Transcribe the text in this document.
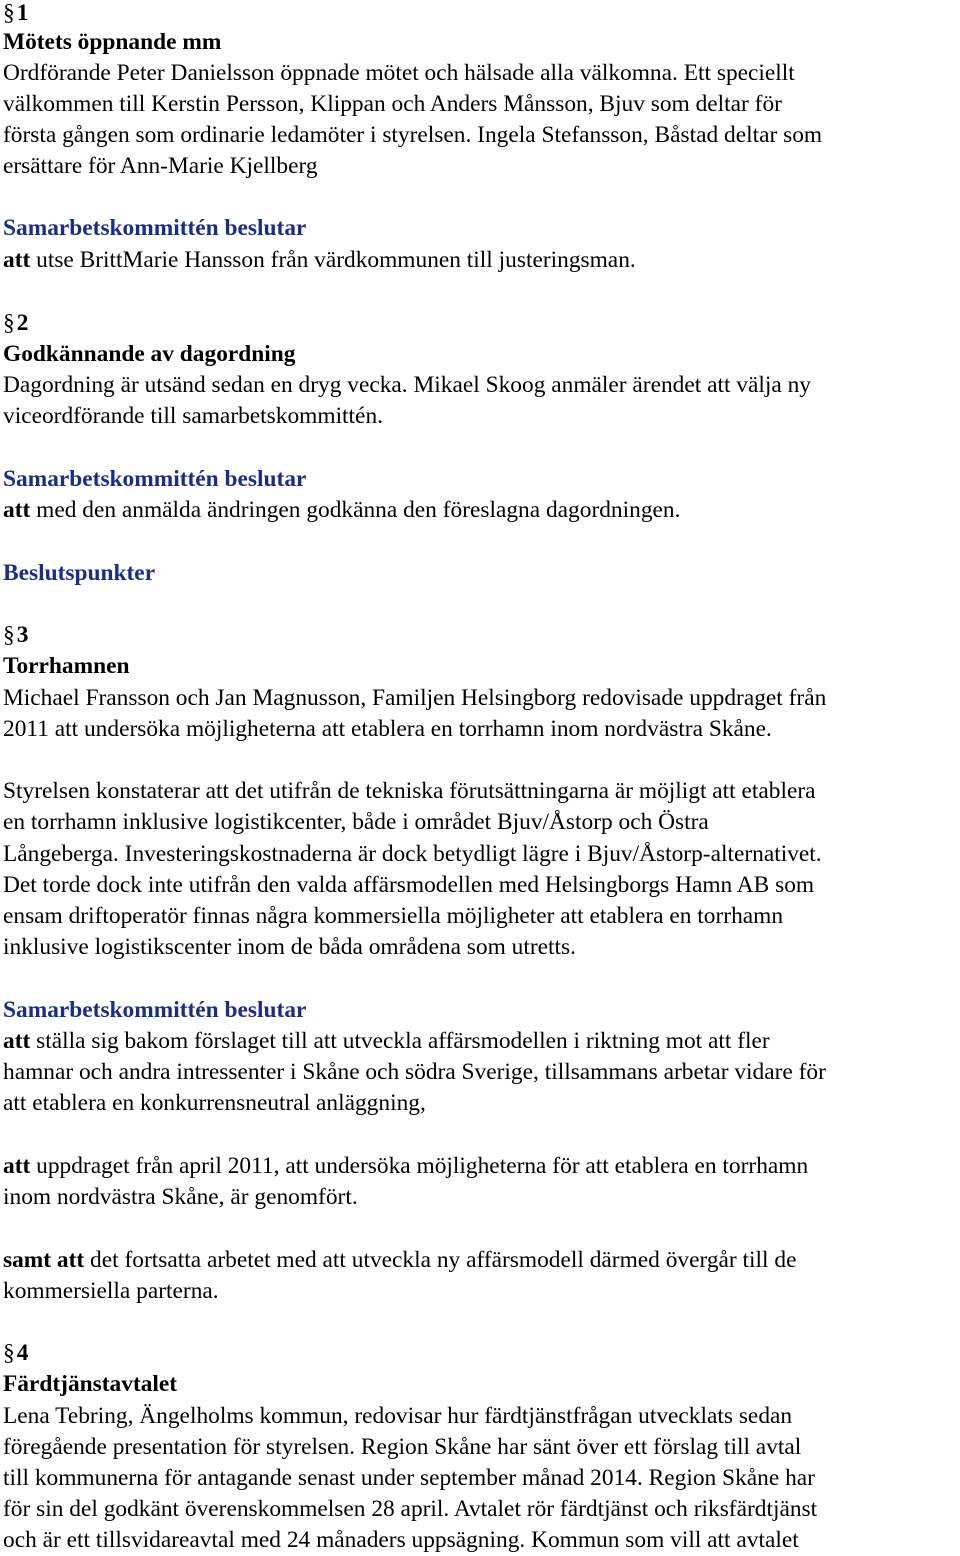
§1
Mötets öppnande mm
Ordförande Peter Danielsson öppnade mötet och hälsade alla välkomna. Ett speciellt
välkommen till Kerstin Persson, Klippan och Anders Månsson, Bjuv som deltar för
första gången som ordinarie ledamöter i styrelsen. Ingela Stefansson, Båstad deltar som
ersättare för Ann-Marie Kjellberg
Samarbetskommittén beslutar
att utse BrittMarie Hansson från värdkommunen till justeringsman.
§2
Godkännande av dagordning
Dagordning är utsänd sedan en dryg vecka. Mikael Skoog anmäler ärendet att välja ny
viceordförande till samarbetskommittén.
Samarbetskommittén beslutar
att med den anmälda ändringen godkänna den föreslagna dagordningen.
Beslutspunkter
§3
Torrhamnen
Michael Fransson och Jan Magnusson, Familjen Helsingborg redovisade uppdraget från
2011 att undersöka möjligheterna att etablera en torrhamn inom nordvästra Skåne.
Styrelsen konstaterar att det utifrån de tekniska förutsättningarna är möjligt att etablera
en torrhamn inklusive logistikcenter, både i området Bjuv/Åstorp och Östra
Långeberga. Investeringskostnaderna är dock betydligt lägre i Bjuv/Åstorp-alternativet.
Det torde dock inte utifrån den valda affärsmodellen med Helsingborgs Hamn AB som
ensam driftoperatör finnas några kommersiella möjligheter att etablera en torrhamn
inklusive logistikscenter inom de båda områdena som utretts.
Samarbetskommittén beslutar
att ställa sig bakom förslaget till att utveckla affärsmodellen i riktning mot att fler
hamnar och andra intressenter i Skåne och södra Sverige, tillsammans arbetar vidare för
att etablera en konkurrensneutral anläggning,
att uppdraget från april 2011, att undersöka möjligheterna för att etablera en torrhamn
inom nordvästra Skåne, är genomfört.
samt att det fortsatta arbetet med att utveckla ny affärsmodell därmed övergår till de
kommersiella parterna.
§4
Färdtjänstavtalet
Lena Tebring, Ängelholms kommun, redovisar hur färdtjänstfrågan utvecklats sedan
föregående presentation för styrelsen. Region Skåne har sänt över ett förslag till avtal
till kommunerna för antagande senast under september månad 2014. Region Skåne har
för sin del godkänt överenskommelsen 28 april. Avtalet rör färdtjänst och riksfärdtjänst
och är ett tillsvidareavtal med 24 månaders uppsägning. Kommun som vill att avtalet
